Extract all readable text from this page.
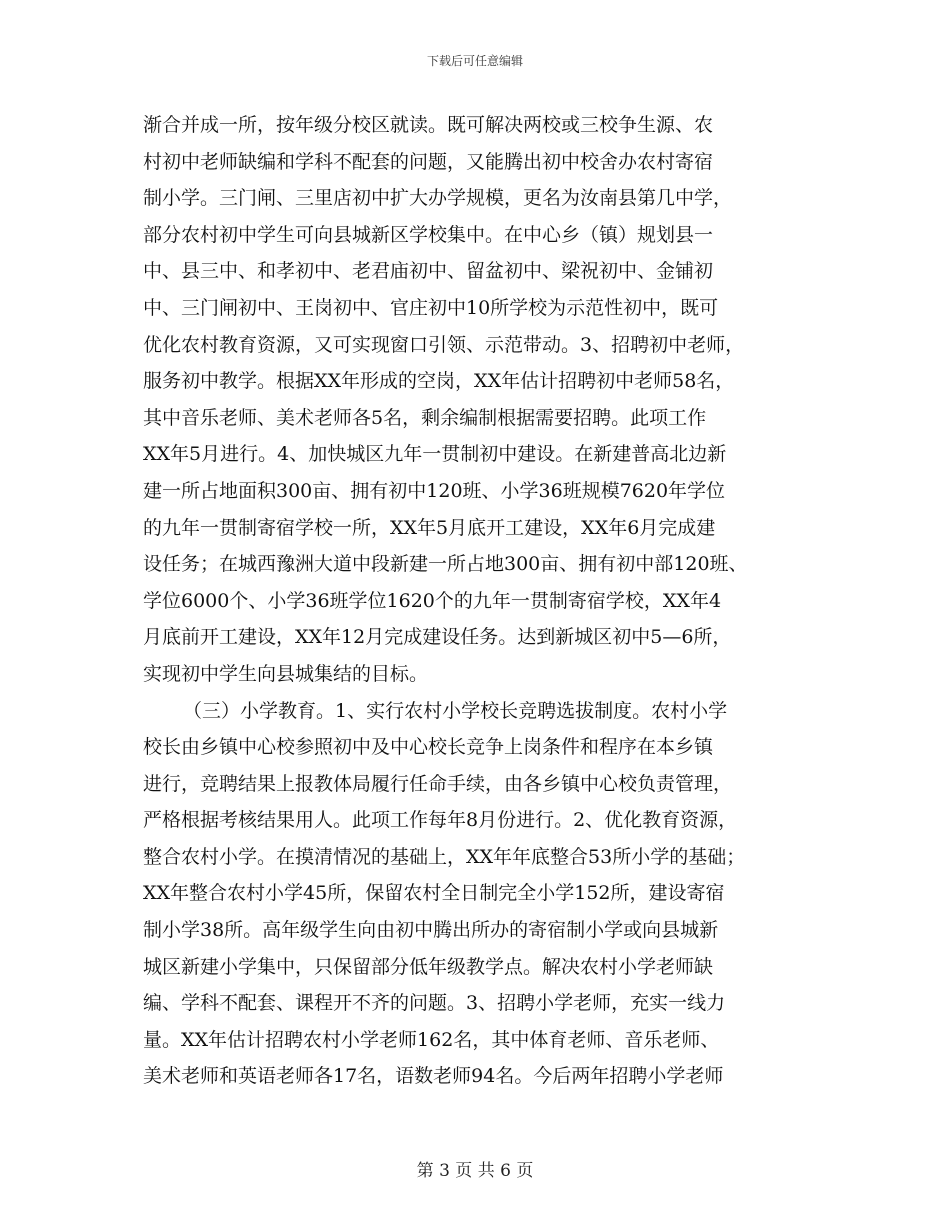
下载后可任意编辑
渐合并成一所，按年级分校区就读。既可解决两校或三校争生源、农
村初中老师缺编和学科不配套的问题，又能腾出初中校舍办农村寄宿
制小学。三门闸、三里店初中扩大办学规模，更名为汝南县第几中学，
部分农村初中学生可向县城新区学校集中。在中心乡（镇）规划县一
中、县三中、和孝初中、老君庙初中、留盆初中、梁祝初中、金铺初
中、三门闸初中、王岗初中、官庄初中10所学校为示范性初中，既可
优化农村教育资源，又可实现窗口引领、示范带动。3、招聘初中老师，
服务初中教学。根据XX年形成的空岗，XX年估计招聘初中老师58名，
其中音乐老师、美术老师各5名，剩余编制根据需要招聘。此项工作
XX年5月进行。4、加快城区九年一贯制初中建设。在新建普高北边新
建一所占地面积300亩、拥有初中120班、小学36班规模7620年学位
的九年一贯制寄宿学校一所，XX年5月底开工建设，XX年6月完成建
设任务；在城西豫洲大道中段新建一所占地300亩、拥有初中部120班、
学位6000个、小学36班学位1620个的九年一贯制寄宿学校，XX年4
月底前开工建设，XX年12月完成建设任务。达到新城区初中5—6所，
实现初中学生向县城集结的目标。
（三）小学教育。1、实行农村小学校长竞聘选拔制度。农村小学
校长由乡镇中心校参照初中及中心校长竞争上岗条件和程序在本乡镇
进行，竞聘结果上报教体局履行任命手续，由各乡镇中心校负责管理，
严格根据考核结果用人。此项工作每年8月份进行。2、优化教育资源，
整合农村小学。在摸清情况的基础上，XX年年底整合53所小学的基础；
XX年整合农村小学45所，保留农村全日制完全小学152所，建设寄宿
制小学38所。高年级学生向由初中腾出所办的寄宿制小学或向县城新
城区新建小学集中，只保留部分低年级教学点。解决农村小学老师缺
编、学科不配套、课程开不齐的问题。3、招聘小学老师，充实一线力
量。XX年估计招聘农村小学老师162名，其中体育老师、音乐老师、
美术老师和英语老师各17名，语数老师94名。今后两年招聘小学老师
第 3 页 共 6 页
